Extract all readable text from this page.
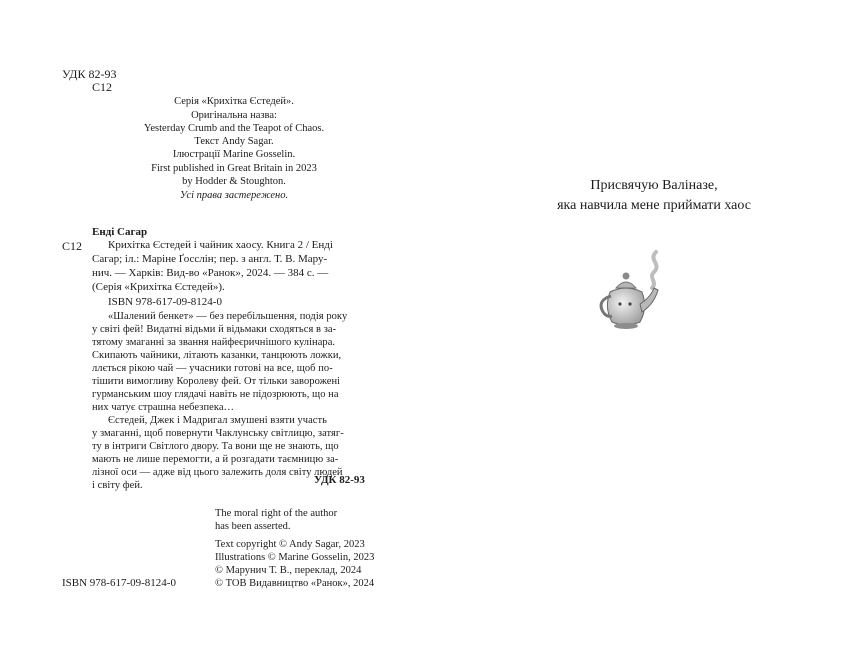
УДК 82-93
С12
Серія «Крихітка Єстедей».
Оригінальна назва:
Yesterday Crumb and the Teapot of Chaos.
Текст Andy Sagar.
Ілюстрації Marine Gosselin.
First published in Great Britain in 2023
by Hodder & Stoughton.
Усі права застережено.
Енді Сагар
С12 Крихітка Єстедей і чайник хаосу. Книга 2 / Енді
Сагар; іл.: Маріне Ґосслін; пер. з англ. Т. В. Мару-
нич. — Харків: Вид-во «Ранок», 2024. — 384 с. —
(Серія «Крихітка Єстедей»).
ISBN 978-617-09-8124-0
«Шалений бенкет» — без перебільшення, подія року
у світі фей! Видатні відьми й відьмаки сходяться в за-
тятому змаганні за звання найфеєричнішого кулінара.
Скипають чайники, літають казанки, танцюють ложки,
ллється рікою чай — учасники готові на все, щоб по-
тішити вимогливу Королеву фей. От тільки заворожені
гурманським шоу глядачі навіть не підозрюють, що на
них чатує страшна небезпека…
Єстедей, Джек і Мадригал змушені взяти участь
у змаганні, щоб повернути Чаклунську світлицю, затяг-
ту в інтриги Світлого двору. Та вони ще не знають, що
мають не лише перемогти, а й розгадати таємницю за-
лізної оси — адже від цього залежить доля світу людей
і світу фей.
ну-
УДК 82-93
The moral right of the author
has been asserted.
Text copyright © Andy Sagar, 2023
Illustrations © Marine Gosselin, 2023
© Марунич Т. В., переклад, 2024
© ТОВ Видавництво «Ранок», 2024
ISBN 978-617-09-8124-0
Присвячую Валіназе,
яка навчила мене приймати хаос
